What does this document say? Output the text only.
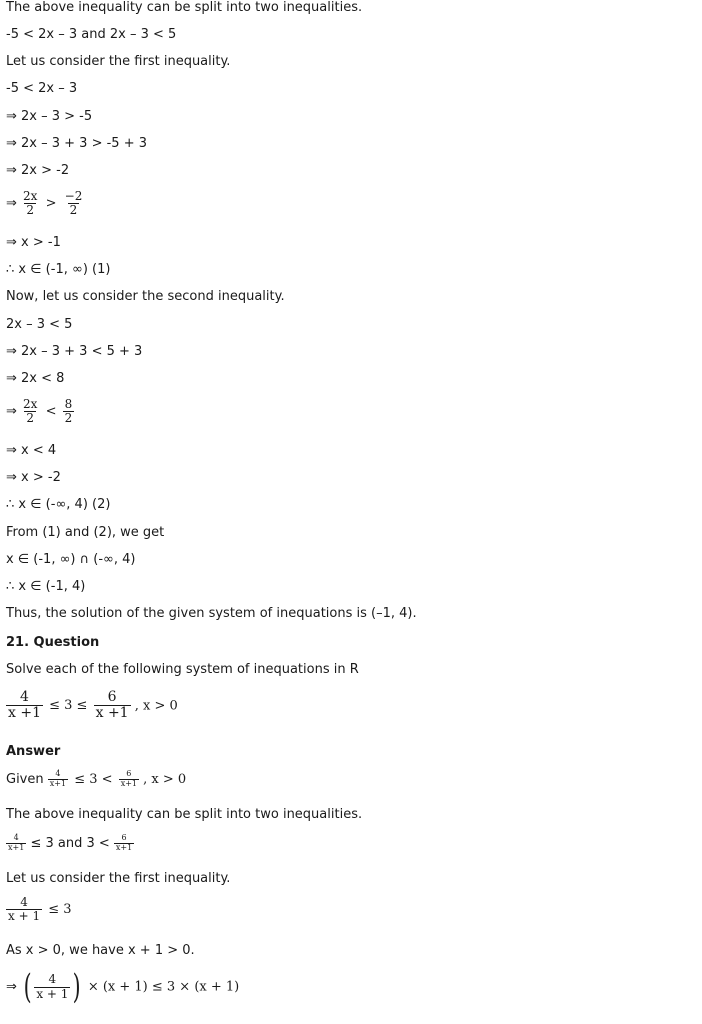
The above inequality can be split into two inequalities.
-5 < 2x – 3 and 2x – 3 < 5
Let us consider the first inequality.
-5 < 2x – 3
⇒ 2x – 3 > -5
⇒ 2x – 3 + 3 > -5 + 3
⇒ 2x > -2
⇒ $\frac{2x}{2} > \frac{-2}{2}$
⇒ x > -1
∴ x ∈ (-1, ∞) (1)
Now, let us consider the second inequality.
2x – 3 < 5
⇒ 2x – 3 + 3 < 5 + 3
⇒ 2x < 8
⇒ $\frac{2x}{2} < \frac{8}{2}$
⇒ x < 4
⇒ x > -2
∴ x ∈ (-∞, 4) (2)
From (1) and (2), we get
x ∈ (-1, ∞) ∩ (-∞, 4)
∴ x ∈ (-1, 4)
Thus, the solution of the given system of inequations is (–1, 4).
21. Question
Solve each of the following system of inequations in R
$\frac{4}{x +1} \le 3 \le \frac{6}{x +1}$ , x > 0
Answer
Given $\frac{4}{x+1} \le 3 < \frac{6}{x+1}$ , x > 0
The above inequality can be split into two inequalities.
$\frac{4}{x+1} \le 3$ and $3 < \frac{6}{x+1}$
Let us consider the first inequality.
$\frac{4}{x + 1} \le 3$
As x > 0, we have x + 1 > 0.
⇒ ( $\frac{4}{x + 1}$ ) × (x + 1) ≤ 3 × (x + 1)
